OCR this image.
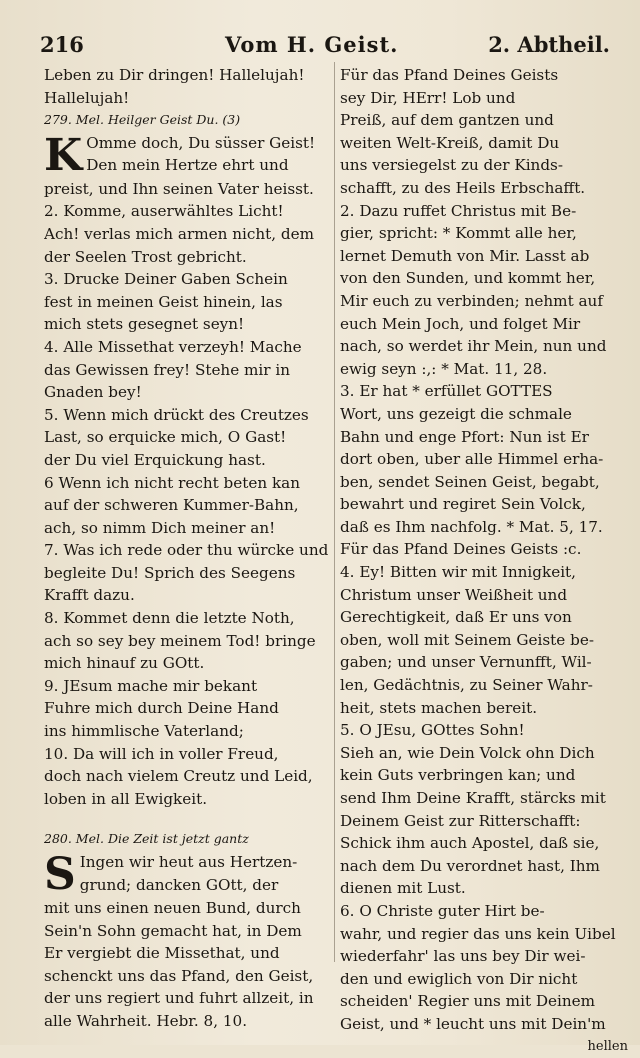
216	Vom H. Geist.	2. Abtheil.
Leben zu Dir dringen! Hallelujah!
Hallelujah!
279. Mel. Heilger Geist Du. (3)
K Omme doch, Du süsser Geist!
Den mein Hertze ehrt und
preist, und Ihn seinen Vater heisst.
2. Komme, auserwähltes Licht!
Ach! verlas mich armen nicht, dem
der Seelen Trost gebricht.
3. Drucke Deiner Gaben Schein
fest in meinen Geist hinein, las
mich stets gesegnet seyn!
4. Alle Missethat verzeyh! Mache
das Gewissen frey! Stehe mir in
Gnaden bey!
5. Wenn mich drückt des Creutzes
Last, so erquicke mich, O Gast!
der Du viel Erquickung hast.
6 Wenn ich nicht recht beten kan
auf der schweren Kummer-Bahn,
ach, so nimm Dich meiner an!
7. Was ich rede oder thu würcke und
begleite Du! Sprich des Seegens
Krafft dazu.
8. Kommet denn die letzte Noth,
ach so sey bey meinem Tod! bringe
mich hinauf zu GOtt.
9. JEsum mache mir bekant
Fuhre mich durch Deine Hand
ins himmlische Vaterland;
10. Da will ich in voller Freud,
doch nach vielem Creutz und Leid,
loben in all Ewigkeit.
280. Mel. Die Zeit ist jetzt gantz
S Ingen wir heut aus Hertzen-
grund; dancken GOtt, der
mit uns einen neuen Bund, durch
Sein'n Sohn gemacht hat, in Dem
Er vergiebt die Missethat, und
schenckt uns das Pfand, den Geist,
der uns regiert und fuhrt allzeit, in
alle Wahrheit. Hebr. 8, 10.
Für das Pfand Deines Geists
sey Dir, HErr! Lob und
Preiß, auf dem gantzen und
weiten Welt-Kreiß, damit Du
uns versiegelst zu der Kinds-
schafft, zu des Heils Erbschafft.
2. Dazu ruffet Christus mit Be-
gier, spricht: * Kommt alle her,
lernet Demuth von Mir. Lasst ab
von den Sunden, und kommt her,
Mir euch zu verbinden; nehmt auf
euch Mein Joch, und folget Mir
nach, so werdet ihr Mein, nun und
ewig seyn :,: * Mat. 11, 28.
3. Er hat * erfüllet GOTTES
Wort, uns gezeigt die schmale
Bahn und enge Pfort: Nun ist Er
dort oben, uber alle Himmel erha-
ben, sendet Seinen Geist, begabt,
bewahrt und regiret Sein Volck,
daß es Ihm nachfolg. * Mat. 5, 17.
Für das Pfand Deines Geists :c.
4. Ey! Bitten wir mit Innigkeit,
Christum unser Weißheit und
Gerechtigkeit, daß Er uns von
oben, woll mit Seinem Geiste be-
gaben; und unser Vernunfft, Wil-
len, Gedächtnis, zu Seiner Wahr-
heit, stets machen bereit.
5. O JEsu, GOttes Sohn!
Sieh an, wie Dein Volck ohn Dich
kein Guts verbringen kan; und
send Ihm Deine Krafft, stärcks mit
Deinem Geist zur Ritterschafft:
Schick ihm auch Apostel, daß sie,
nach dem Du verordnet hast, Ihm
dienen mit Lust.
6. O Christe guter Hirt be-
wahr, und regier das uns kein Uibel
wiederfahr' las uns bey Dir wei-
den und ewiglich von Dir nicht
scheiden' Regier uns mit Deinem
Geist, und * leucht uns mit Dein'm
hellen
